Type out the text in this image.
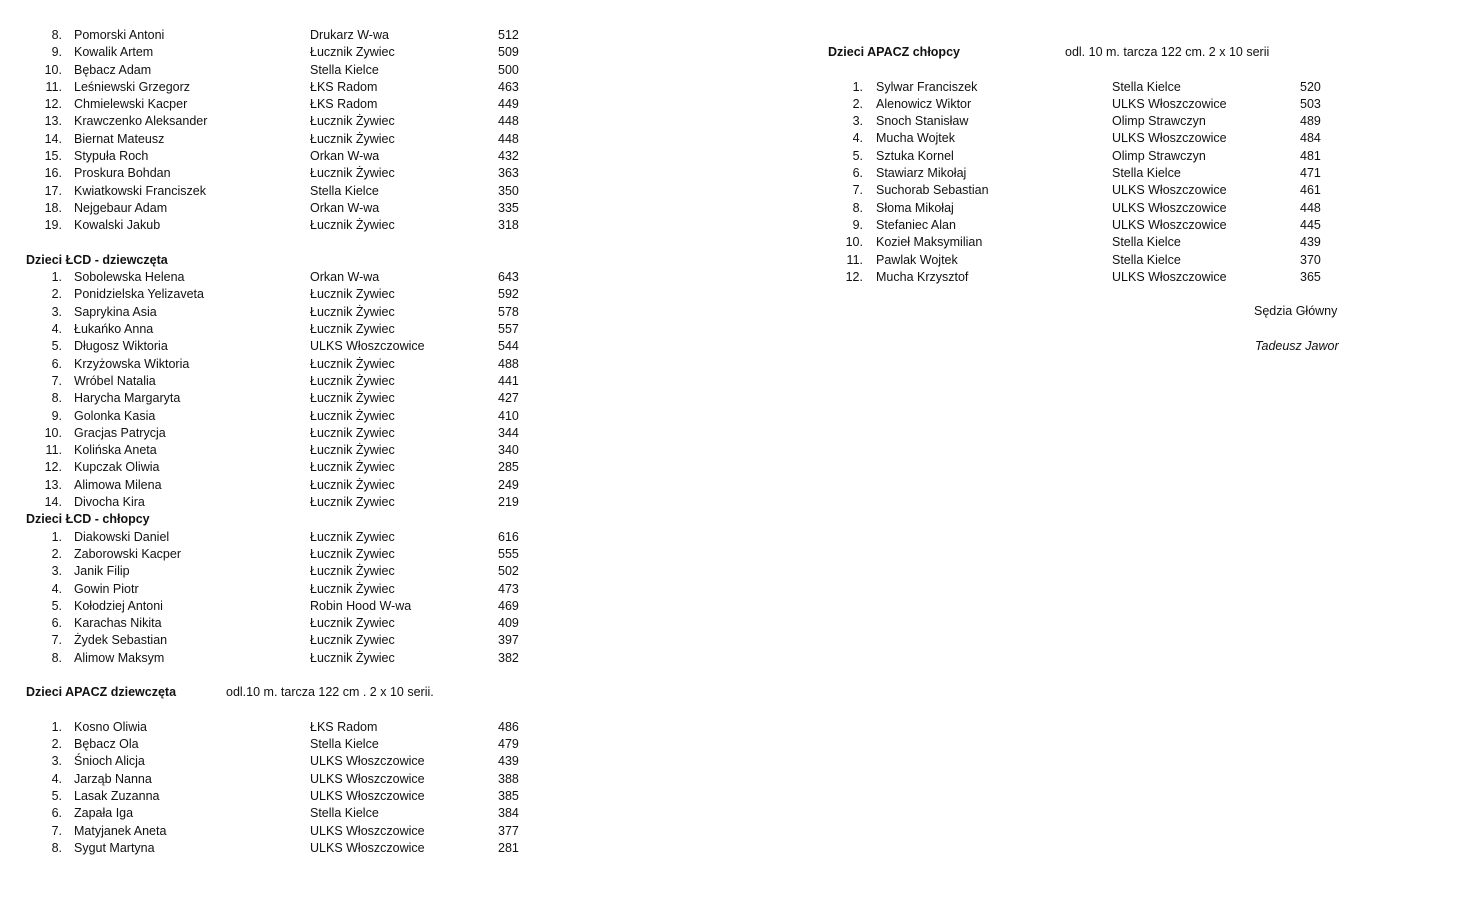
8. Pomorski Antoni	Drukarz W-wa	512
9. Kowalik Artem	Łucznik Zywiec	509
10. Bębacz Adam	Stella Kielce	500
11. Leśniewski Grzegorz	ŁKS Radom	463
12. Chmielewski Kacper	ŁKS Radom	449
13. Krawczenko Aleksander	Łucznik Żywiec	448
14. Biernat Mateusz	Łucznik Żywiec	448
15. Stypuła Roch	Orkan W-wa	432
16. Proskura Bohdan	Łucznik Żywiec	363
17. Kwiatkowski Franciszek	Stella Kielce	350
18. Nejgebaur Adam	Orkan W-wa	335
19. Kowalski Jakub	Łucznik Żywiec	318
Dzieci ŁCD - dziewczęta
1. Sobolewska Helena	Orkan W-wa	643
2. Ponidzielska Yelizaveta	Łucznik Zywiec	592
3. Saprykina Asia	Łucznik Żywiec	578
4. Łukańko Anna	Łucznik Zywiec	557
5. Długosz Wiktoria	ULKS Włoszczowice	544
6. Krzyżowska Wiktoria	Łucznik Żywiec	488
7. Wróbel Natalia	Łucznik Żywiec	441
8. Harycha Margaryta	Łucznik Żywiec	427
9. Golonka Kasia	Łucznik Żywiec	410
10. Gracjas Patrycja	Łucznik Zywiec	344
11. Kolińska Aneta	Łucznik Żywiec	340
12. Kupczak Oliwia	Łucznik Żywiec	285
13. Alimowa Milena	Łucznik Żywiec	249
14. Divocha Kira	Łucznik Zywiec	219
Dzieci ŁCD - chłopcy
1. Diakowski Daniel	Łucznik Zywiec	616
2. Zaborowski Kacper	Łucznik Zywiec	555
3. Janik Filip	Łucznik Żywiec	502
4. Gowin Piotr	Łucznik Żywiec	473
5. Kołodziej Antoni	Robin Hood W-wa	469
6. Karachas Nikita	Łucznik Zywiec	409
7. Żydek Sebastian	Łucznik Zywiec	397
8. Alimow Maksym	Łucznik Żywiec	382
Dzieci APACZ dziewczęta	odl.10 m. tarcza 122 cm . 2 x 10 serii.
1. Kosno Oliwia	ŁKS Radom	486
2. Bębacz Ola	Stella Kielce	479
3. Śnioch Alicja	ULKS Włoszczowice	439
4. Jarząb Nanna	ULKS Włoszczowice	388
5. Lasak Zuzanna	ULKS Włoszczowice	385
6. Zapała Iga	Stella Kielce	384
7. Matyjanek Aneta	ULKS Włoszczowice	377
8. Sygut Martyna	ULKS Włoszczowice	281
Dzieci APACZ chłopcy	odl. 10 m. tarcza 122 cm. 2 x 10 serii
1. Sylwar Franciszek	Stella Kielce	520
2. Alenowicz Wiktor	ULKS Włoszczowice	503
3. Snoch Stanisław	Olimp Strawczyn	489
4. Mucha Wojtek	ULKS Włoszczowice	484
5. Sztuka Kornel	Olimp Strawczyn	481
6. Stawiarz Mikołaj	Stella Kielce	471
7. Suchorab Sebastian	ULKS Włoszczowice	461
8. Słoma Mikołaj	ULKS Włoszczowice	448
9. Stefaniec Alan	ULKS Włoszczowice	445
10. Kozieł Maksymilian	Stella Kielce	439
11. Pawlak Wojtek	Stella Kielce	370
12. Mucha Krzysztof	ULKS Włoszczowice	365
Sędzia Główny
Tadeusz Jawor
